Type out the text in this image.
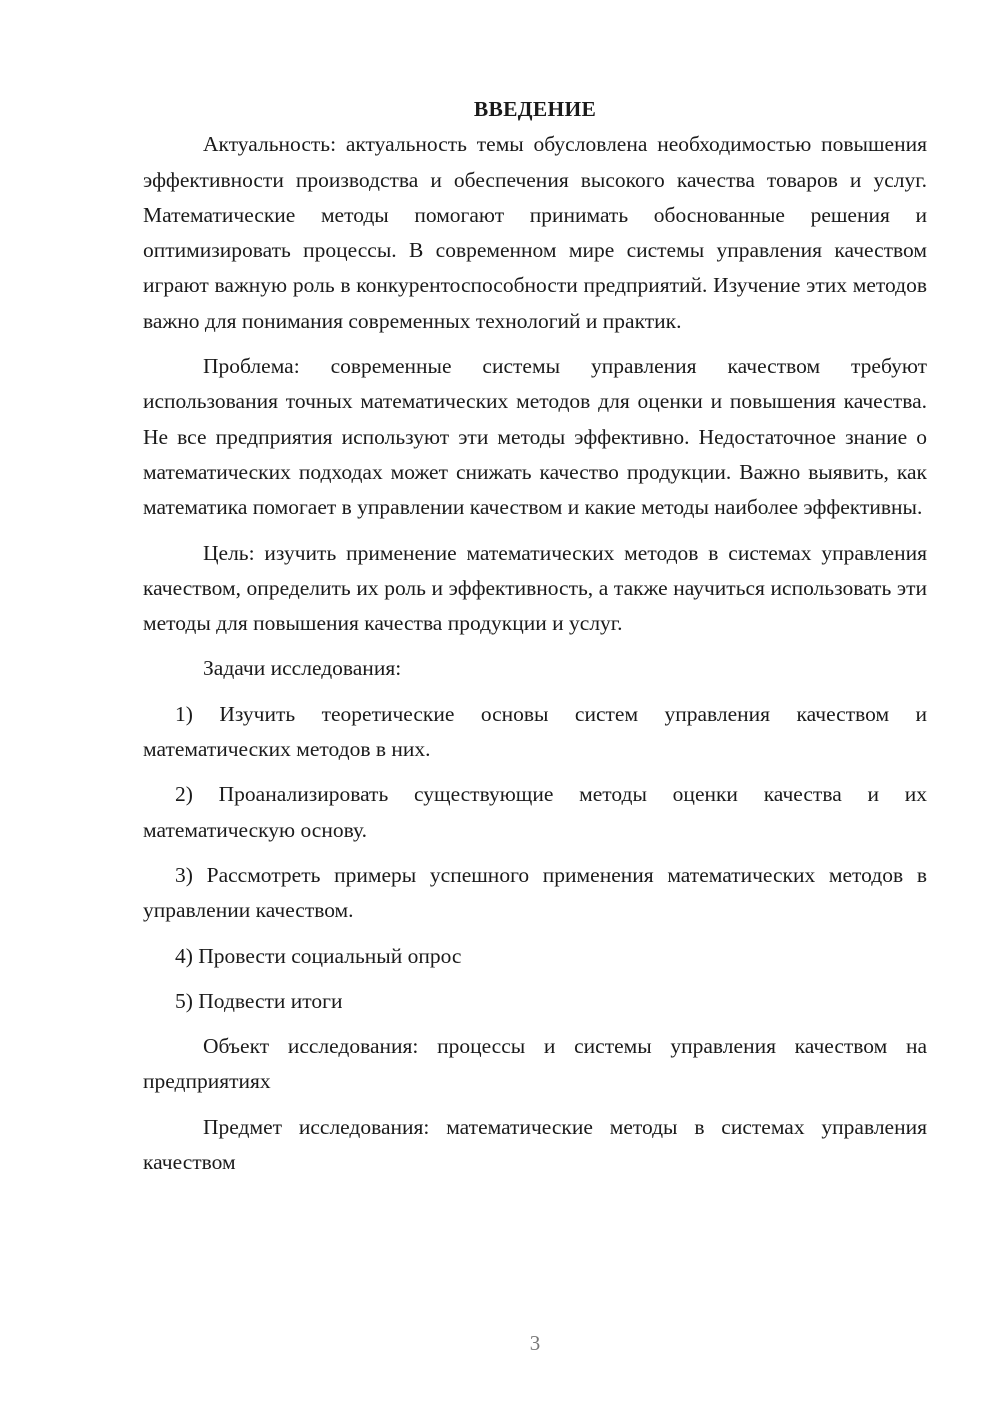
ВВЕДЕНИЕ

Актуальность: актуальность темы обусловлена необходимостью повышения эффективности производства и обеспечения высокого качества товаров и услуг. Математические методы помогают принимать обоснованные решения и оптимизировать процессы. В современном мире системы управления качеством играют важную роль в конкурентоспособности предприятий. Изучение этих методов важно для понимания современных технологий и практик.

Проблема: современные системы управления качеством требуют использования точных математических методов для оценки и повышения качества. Не все предприятия используют эти методы эффективно. Недостаточное знание о математических подходах может снижать качество продукции. Важно выявить, как математика помогает в управлении качеством и какие методы наиболее эффективны.

Цель: изучить применение математических методов в системах управления качеством, определить их роль и эффективность, а также научиться использовать эти методы для повышения качества продукции и услуг.

Задачи исследования:

1) Изучить теоретические основы систем управления качеством и математических методов в них.

2) Проанализировать существующие методы оценки качества и их математическую основу.

3) Рассмотреть примеры успешного применения математических методов в управлении качеством.

4) Провести социальный опрос

5) Подвести итоги

Объект исследования: процессы и системы управления качеством на предприятиях

Предмет исследования: математические методы в системах управления качеством

3
